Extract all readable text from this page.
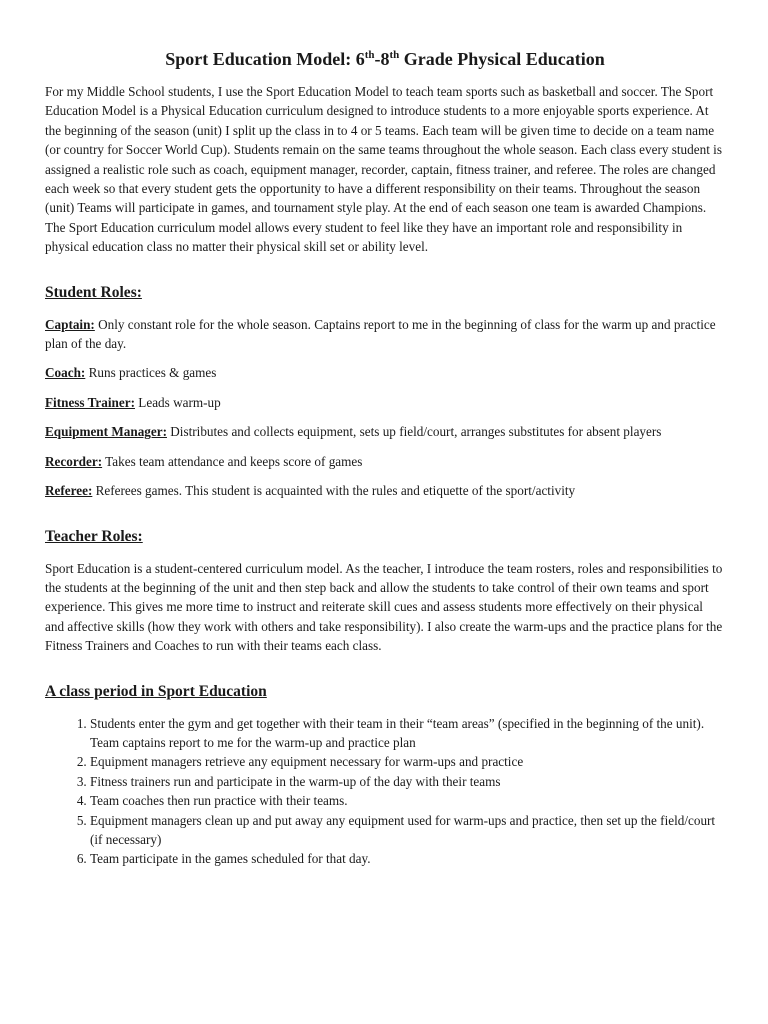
Sport Education Model: 6th-8th Grade Physical Education

For my Middle School students, I use the Sport Education Model to teach team sports such as basketball and soccer. The Sport Education Model is a Physical Education curriculum designed to introduce students to a more enjoyable sports experience. At the beginning of the season (unit) I split up the class in to 4 or 5 teams. Each team will be given time to decide on a team name (or country for Soccer World Cup). Students remain on the same teams throughout the whole season. Each class every student is assigned a realistic role such as coach, equipment manager, recorder, captain, fitness trainer, and referee. The roles are changed each week so that every student gets the opportunity to have a different responsibility on their teams. Throughout the season (unit) Teams will participate in games, and tournament style play. At the end of each season one team is awarded Champions. The Sport Education curriculum model allows every student to feel like they have an important role and responsibility in physical education class no matter their physical skill set or ability level.

Student Roles:

Captain: Only constant role for the whole season. Captains report to me in the beginning of class for the warm up and practice plan of the day.

Coach: Runs practices & games

Fitness Trainer: Leads warm-up

Equipment Manager: Distributes and collects equipment, sets up field/court, arranges substitutes for absent players

Recorder: Takes team attendance and keeps score of games

Referee: Referees games. This student is acquainted with the rules and etiquette of the sport/activity

Teacher Roles:

Sport Education is a student-centered curriculum model. As the teacher, I introduce the team rosters, roles and responsibilities to the students at the beginning of the unit and then step back and allow the students to take control of their own teams and sport experience. This gives me more time to instruct and reiterate skill cues and assess students more effectively on their physical and affective skills (how they work with others and take responsibility). I also create the warm-ups and the practice plans for the Fitness Trainers and Coaches to run with their teams each class.

A class period in Sport Education
1. Students enter the gym and get together with their team in their “team areas” (specified in the beginning of the unit). Team captains report to me for the warm-up and practice plan
2. Equipment managers retrieve any equipment necessary for warm-ups and practice
3. Fitness trainers run and participate in the warm-up of the day with their teams
4. Team coaches then run practice with their teams.
5. Equipment managers clean up and put away any equipment used for warm-ups and practice, then set up the field/court (if necessary)
6. Team participate in the games scheduled for that day.
